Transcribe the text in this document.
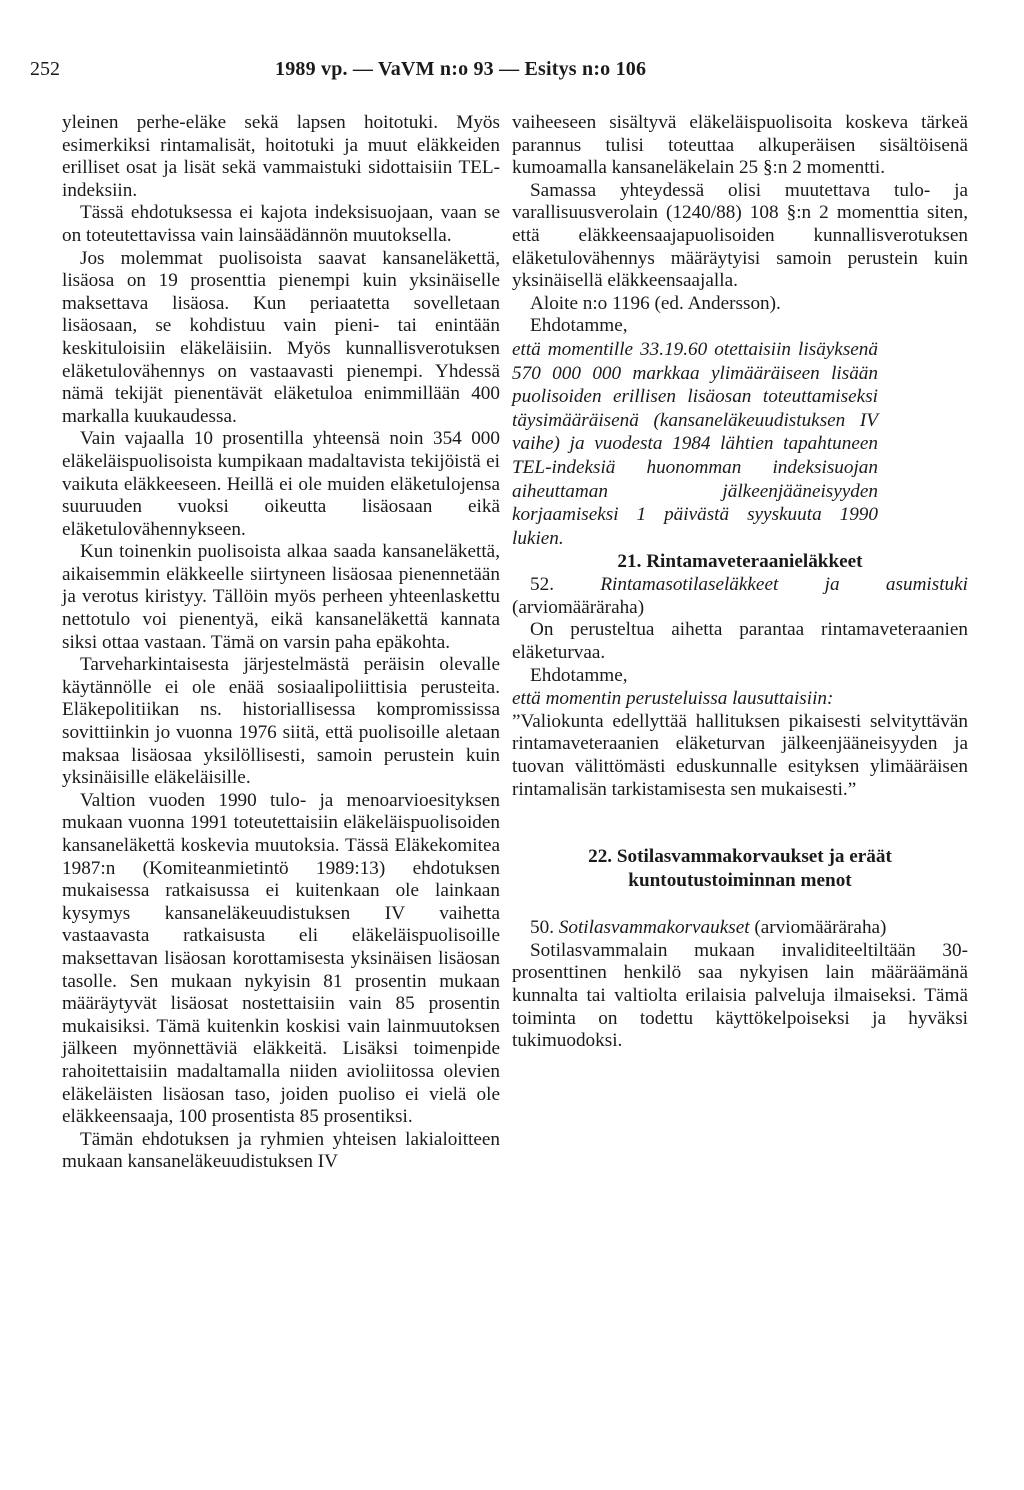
252	1989 vp. — VaVM n:o 93 — Esitys n:o 106

yleinen perhe-eläke sekä lapsen hoitotuki. Myös esimerkiksi rintamalisät, hoitotuki ja muut eläkkeiden erilliset osat ja lisät sekä vammaistuki sidottaisiin TEL-indeksiin.

Tässä ehdotuksessa ei kajota indeksisuojaan, vaan se on toteutettavissa vain lainsäädännön muutoksella.

Jos molemmat puolisoista saavat kansaneläkettä, lisäosa on 19 prosenttia pienempi kuin yksinäiselle maksettava lisäosa. Kun periaatetta sovelletaan lisäosaan, se kohdistuu vain pieni- tai enintään keskituloisiin eläkeläisiin. Myös kunnallisverotuksen eläketulovähennys on vastaavasti pienempi. Yhdessä nämä tekijät pienentävät eläketuloa enimmillään 400 markalla kuukaudessa.

Vain vajaalla 10 prosentilla yhteensä noin 354 000 eläkeläispuolisoista kumpikaan madaltavista tekijöistä ei vaikuta eläkkeeseen. Heillä ei ole muiden eläketulojensa suuruuden vuoksi oikeutta lisäosaan eikä eläketulovähennykseen.

Kun toinenkin puolisoista alkaa saada kansaneläkettä, aikaisemmin eläkkeelle siirtyneen lisäosaa pienennetään ja verotus kiristyy. Tällöin myös perheen yhteenlaskettu nettotulo voi pienentyä, eikä kansaneläkettä kannata siksi ottaa vastaan. Tämä on varsin paha epäkohta.

Tarveharkintaisesta järjestelmästä peräisin olevalle käytännölle ei ole enää sosiaalipoliittisia perusteita. Eläkepolitiikan ns. historiallisessa kompromississa sovittiinkin jo vuonna 1976 siitä, että puolisoille aletaan maksaa lisäosaa yksilöllisesti, samoin perustein kuin yksinäisille eläkeläisille.

Valtion vuoden 1990 tulo- ja menoarvioesityksen mukaan vuonna 1991 toteutettaisiin eläkeläispuolisoiden kansaneläkettä koskevia muutoksia. Tässä Eläkekomitea 1987:n (Komiteanmietintö 1989:13) ehdotuksen mukaisessa ratkaisussa ei kuitenkaan ole lainkaan kysymys kansaneläkeuudistuksen IV vaihetta vastaavasta ratkaisusta eli eläkeläispuolisoille maksettavan lisäosan korottamisesta yksinäisen lisäosan tasolle. Sen mukaan nykyisin 81 prosentin mukaan määräytyvät lisäosat nostettaisiin vain 85 prosentin mukaisiksi. Tämä kuitenkin koskisi vain lainmuutoksen jälkeen myönnettäviä eläkkeitä. Lisäksi toimenpide rahoitettaisiin madaltamalla niiden avioliitossa olevien eläkeläisten lisäosan taso, joiden puoliso ei vielä ole eläkkeensaaja, 100 prosentista 85 prosentiksi.

Tämän ehdotuksen ja ryhmien yhteisen lakialoitteen mukaan kansaneläkeuudistuksen IV

vaiheeseen sisältyvä eläkeläispuolisoita koskeva tärkeä parannus tulisi toteuttaa alkuperäisen sisältöisenä kumoamalla kansaneläkelain 25 §:n 2 momentti.

Samassa yhteydessä olisi muutettava tulo- ja varallisuusverolain (1240/88) 108 §:n 2 momenttia siten, että eläkkeensaajapuolisoiden kunnallisverotuksen eläketulovähennys määräytyisi samoin perustein kuin yksinäisellä eläkkeensaajalla.

Aloite n:o 1196 (ed. Andersson).

Ehdotamme,

että momentille 33.19.60 otettaisiin lisäyksenä 570 000 000 markkaa ylimääräiseen lisään puolisoiden erillisen lisäosan toteuttamiseksi täysimääräisenä (kansaneläkeuudistuksen IV vaihe) ja vuodesta 1984 lähtien tapahtuneen TEL-indeksiä huonomman indeksisuojan aiheuttaman jälkeenjääneisyyden korjaamiseksi 1 päivästä syyskuuta 1990 lukien.

21. Rintamaveteraanieläkkeet

52. Rintamasotilaseläkkeet ja asumistuki (arviomääräraha)

On perusteltua aihetta parantaa rintamaveteraanien eläketurvaa.

Ehdotamme,

että momentin perusteluissa lausuttaisiin:

”Valiokunta edellyttää hallituksen pikaisesti selvityttävän rintamaveteraanien eläketurvan jälkeenjääneisyyden ja tuovan välittömästi eduskunnalle esityksen ylimääräisen rintamalisän tarkistamisesta sen mukaisesti.”

22. Sotilasvammakorvaukset ja eräät
kuntoutustoiminnan menot

50. Sotilasvammakorvaukset (arviomääräraha)

Sotilasvammalain mukaan invaliditeeltiltään 30-prosenttinen henkilö saa nykyisen lain määräämänä kunnalta tai valtiolta erilaisia palveluja ilmaiseksi. Tämä toiminta on todettu käyttökelpoiseksi ja hyväksi tukimuodoksi.
